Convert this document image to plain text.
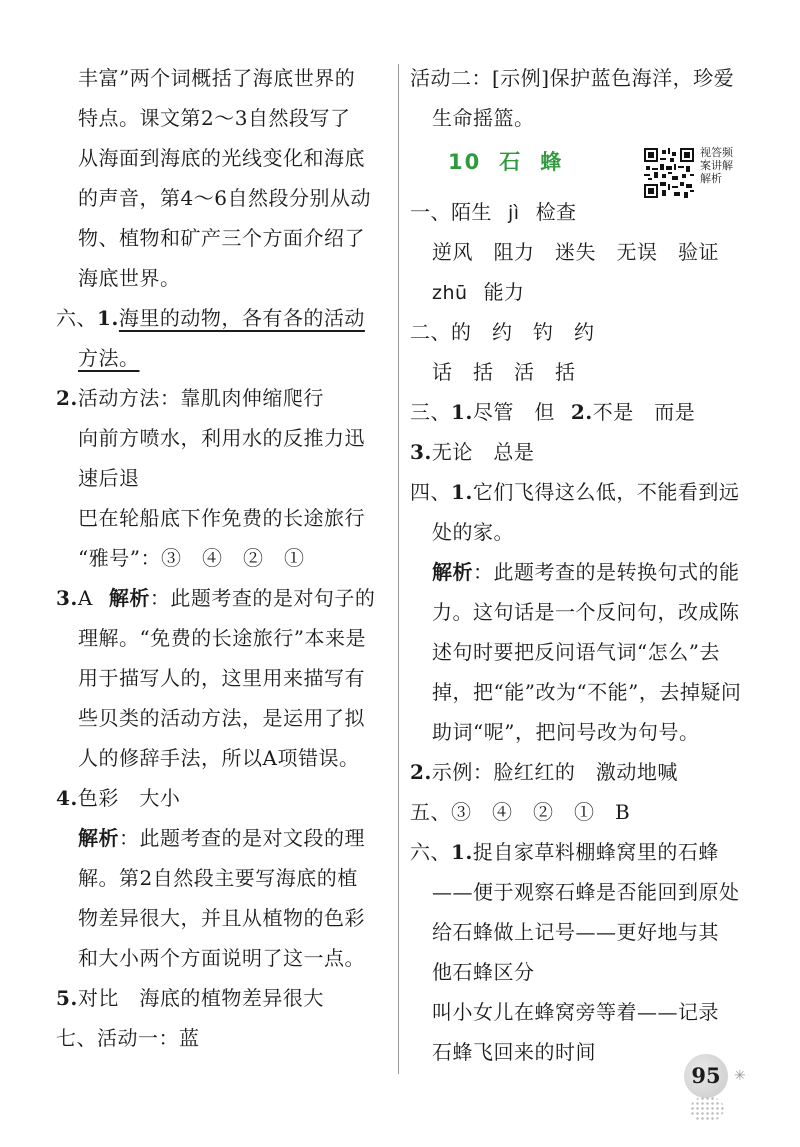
丰富”两个词概括了海底世界的
特点。课文第2～3自然段写了
从海面到海底的光线变化和海底
的声音，第4～6自然段分别从动
物、植物和矿产三个方面介绍了
海底世界。
六、1.海里的动物，各有各的活动
方法。
2.活动方法：靠肌肉伸缩爬行
向前方喷水，利用水的反推力迅
速后退
巴在轮船底下作免费的长途旅行
“雅号”：③　④　②　①
3.A 解析：此题考查的是对句子的
理解。“免费的长途旅行”本来是
用于描写人的，这里用来描写有
些贝类的活动方法，是运用了拟
人的修辞手法，所以A项错误。
4.色彩　大小
解析：此题考查的是对文段的理
解。第2自然段主要写海底的植
物差异很大，并且从植物的色彩
和大小两个方面说明了这一点。
5.对比　海底的植物差异很大
七、活动一：蓝
活动二：[示例]保护蓝色海洋，珍爱
生命摇篮。
10 石 蜂	视答频案讲解解析
一、陌生 jì 检查
逆风　阻力　迷失　无误　验证
zhū 能力
二、的　约　钓　约
话　括　活　括
三、1.尽管　但 2.不是　而是
3.无论　总是
四、1.它们飞得这么低，不能看到远
处的家。
解析：此题考查的是转换句式的能
力。这句话是一个反问句，改成陈
述句时要把反问语气词“怎么”去
掉，把“能”改为“不能”，去掉疑问
助词“呢”，把问号改为句号。
2.示例：脸红红的　激动地喊
五、③　④　②　①　B
六、1.捉自家草料棚蜂窝里的石蜂
——便于观察石蜂是否能回到原处
给石蜂做上记号——更好地与其
他石蜂区分
叫小女儿在蜂窝旁等着——记录
石蜂飞回来的时间
95 ✳
